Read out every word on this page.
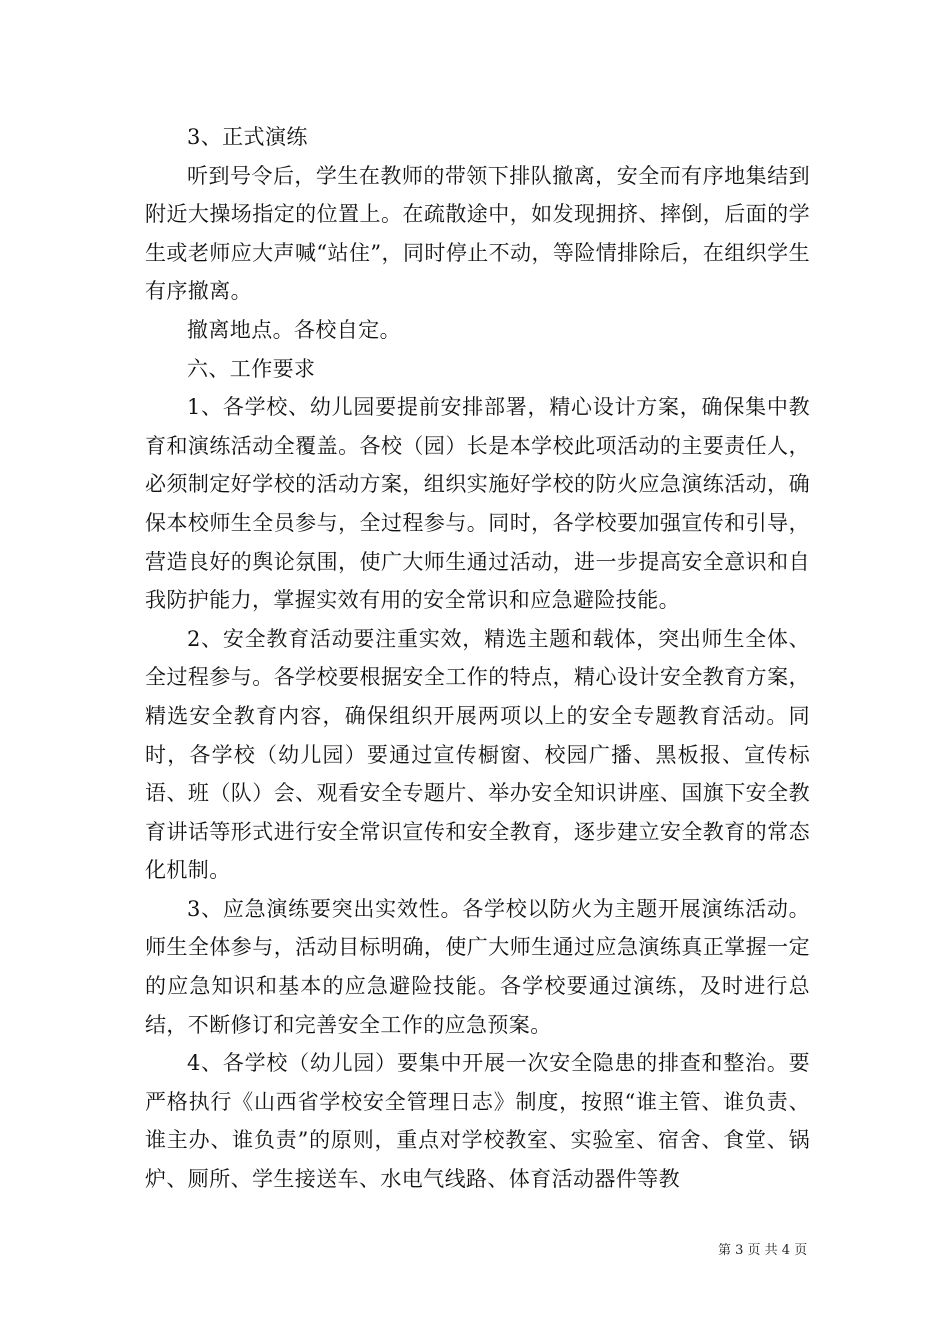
3、正式演练

听到号令后，学生在教师的带领下排队撤离，安全而有序地集结到附近大操场指定的位置上。在疏散途中，如发现拥挤、摔倒，后面的学生或老师应大声喊“站住”，同时停止不动，等险情排除后，在组织学生有序撤离。

撤离地点。各校自定。

六、工作要求

1、各学校、幼儿园要提前安排部署，精心设计方案，确保集中教育和演练活动全覆盖。各校（园）长是本学校此项活动的主要责任人，必须制定好学校的活动方案，组织实施好学校的防火应急演练活动，确保本校师生全员参与，全过程参与。同时，各学校要加强宣传和引导，营造良好的舆论氛围，使广大师生通过活动，进一步提高安全意识和自我防护能力，掌握实效有用的安全常识和应急避险技能。

2、安全教育活动要注重实效，精选主题和载体，突出师生全体、全过程参与。各学校要根据安全工作的特点，精心设计安全教育方案，精选安全教育内容，确保组织开展两项以上的安全专题教育活动。同时，各学校（幼儿园）要通过宣传橱窗、校园广播、黑板报、宣传标语、班（队）会、观看安全专题片、举办安全知识讲座、国旗下安全教育讲话等形式进行安全常识宣传和安全教育，逐步建立安全教育的常态化机制。

3、应急演练要突出实效性。各学校以防火为主题开展演练活动。师生全体参与，活动目标明确，使广大师生通过应急演练真正掌握一定的应急知识和基本的应急避险技能。各学校要通过演练，及时进行总结，不断修订和完善安全工作的应急预案。

4、各学校（幼儿园）要集中开展一次安全隐患的排查和整治。要严格执行《山西省学校安全管理日志》制度，按照“谁主管、谁负责、谁主办、谁负责”的原则，重点对学校教室、实验室、宿舍、食堂、锅炉、厕所、学生接送车、水电气线路、体育活动器件等教

第 3 页 共 4 页
